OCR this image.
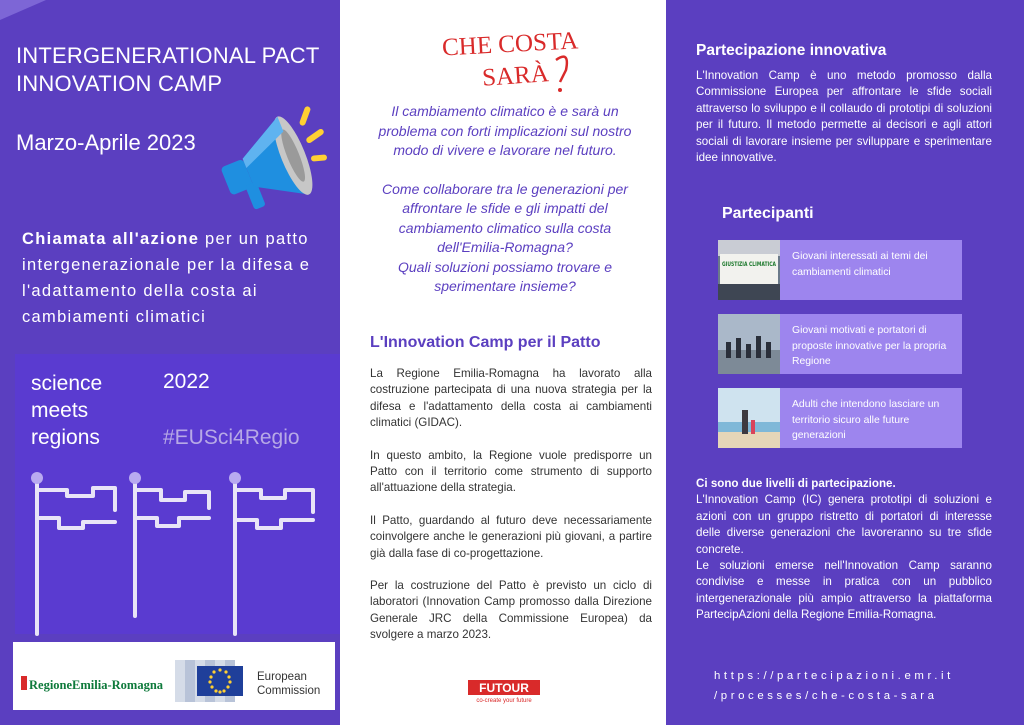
INTERGENERATIONAL PACT
INNOVATION CAMP
Marzo-Aprile 2023
Chiamata all'azione per un patto intergenerazionale per la difesa e l'adattamento della costa ai cambiamenti climatici
science
meets
regions
2022
#EUSci4Regio
RegioneEmilia-Romagna
European
Commission
CHE COSTA
SARÀ

Il cambiamento climatico è e sarà un problema con forti implicazioni sul nostro modo di vivere e lavorare nel futuro.

Come collaborare tra le generazioni per affrontare le sfide e gli impatti del cambiamento climatico sulla costa dell'Emilia-Romagna?

Quali soluzioni possiamo trovare e sperimentare insieme?

L'Innovation Camp per il Patto

La Regione Emilia-Romagna ha lavorato alla costruzione partecipata di una nuova strategia per la difesa e l'adattamento della costa ai cambiamenti climatici (GIDAC).

In questo ambito, la Regione vuole predisporre un Patto con il territorio come strumento di supporto all'attuazione della strategia.

Il Patto, guardando al futuro deve necessariamente coinvolgere anche le generazioni più giovani, a partire già dalla fase di co-progettazione.

Per la costruzione del Patto è previsto un ciclo di laboratori (Innovation Camp promosso dalla Direzione Generale JRC della Commissione Europea) da svolgere a marzo 2023.

FUTOUR
co-create your future
Partecipazione innovativa
L'Innovation Camp è uno metodo promosso dalla Commissione Europea per affrontare le sfide sociali attraverso lo sviluppo e il collaudo di prototipi di soluzioni per il futuro. Il metodo permette ai decisori e agli attori sociali di lavorare insieme per sviluppare e sperimentare idee innovative.
Partecipanti
GIUSTIZIA CLIMATICA
Giovani interessati ai temi dei cambiamenti climatici
Giovani motivati e portatori di proposte innovative per la propria Regione
Adulti che intendono lasciare un territorio sicuro alle future generazioni
Ci sono due livelli di partecipazione.
L'Innovation Camp (IC) genera prototipi di soluzioni e azioni con un gruppo ristretto di portatori di interesse delle diverse generazioni che lavoreranno su tre sfide concrete.
Le soluzioni emerse nell'Innovation Camp saranno condivise e messe in pratica con un pubblico intergenerazionale più ampio attraverso la piattaforma PartecipAzioni della Regione Emilia-Romagna.
https://partecipazioni.emr.it
/processes/che-costa-sara
